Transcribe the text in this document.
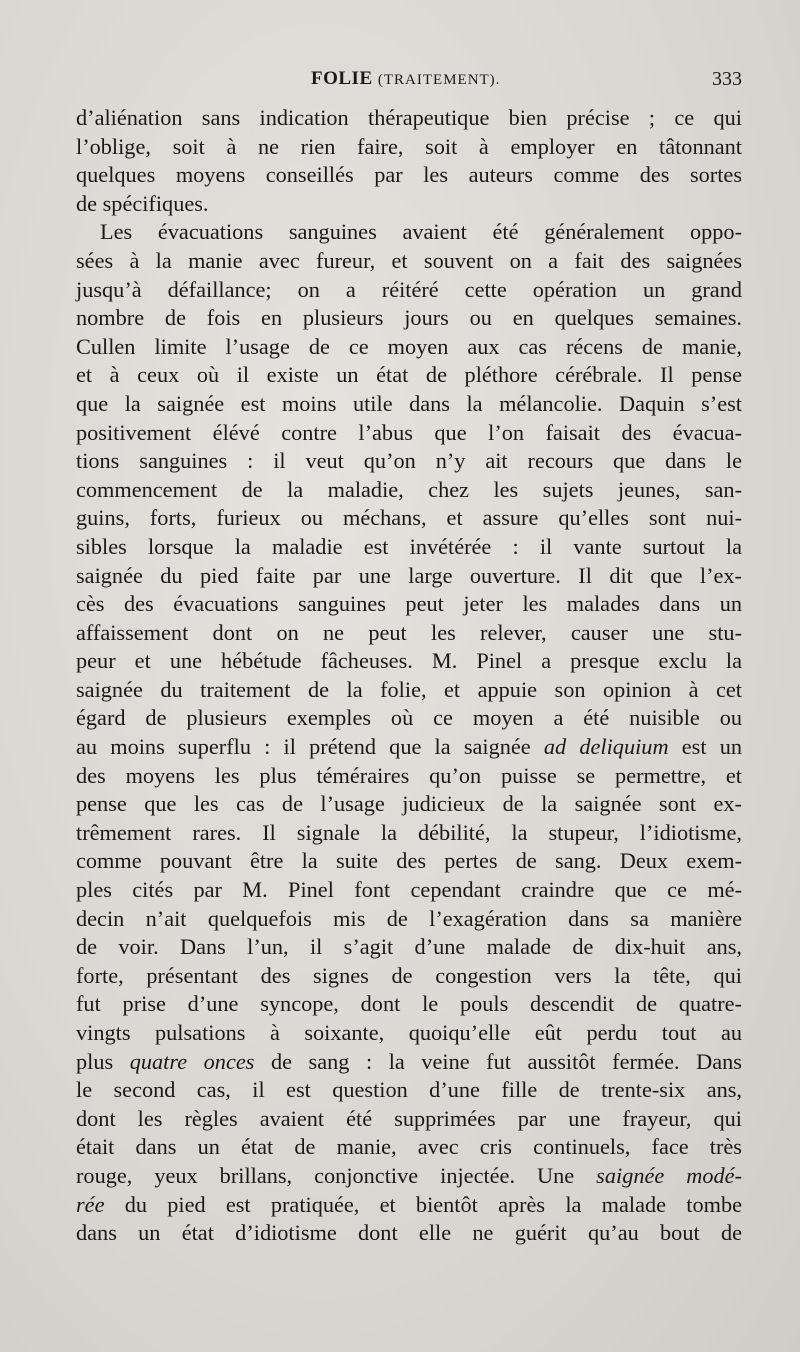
FOLIE (TRAITEMENT).	333
d’aliénation sans indication thérapeutique bien précise ; ce qui
l’oblige, soit à ne rien faire, soit à employer en tâtonnant
quelques moyens conseillés par les auteurs comme des sortes
de spécifiques.
Les évacuations sanguines avaient été généralement oppo-
sées à la manie avec fureur, et souvent on a fait des saignées
jusqu’à défaillance; on a réitéré cette opération un grand
nombre de fois en plusieurs jours ou en quelques semaines.
Cullen limite l’usage de ce moyen aux cas récens de manie,
et à ceux où il existe un état de pléthore cérébrale. Il pense
que la saignée est moins utile dans la mélancolie. Daquin s’est
positivement élévé contre l’abus que l’on faisait des évacua-
tions sanguines : il veut qu’on n’y ait recours que dans le
commencement de la maladie, chez les sujets jeunes, san-
guins, forts, furieux ou méchans, et assure qu’elles sont nui-
sibles lorsque la maladie est invétérée : il vante surtout la
saignée du pied faite par une large ouverture. Il dit que l’ex-
cès des évacuations sanguines peut jeter les malades dans un
affaissement dont on ne peut les relever, causer une stu-
peur et une hébétude fâcheuses. M. Pinel a presque exclu la
saignée du traitement de la folie, et appuie son opinion à cet
égard de plusieurs exemples où ce moyen a été nuisible ou
au moins superflu : il prétend que la saignée ad deliquium est un
des moyens les plus téméraires qu’on puisse se permettre, et
pense que les cas de l’usage judicieux de la saignée sont ex-
trêmement rares. Il signale la débilité, la stupeur, l’idiotisme,
comme pouvant être la suite des pertes de sang. Deux exem-
ples cités par M. Pinel font cependant craindre que ce mé-
decin n’ait quelquefois mis de l’exagération dans sa manière
de voir. Dans l’un, il s’agit d’une malade de dix-huit ans,
forte, présentant des signes de congestion vers la tête, qui
fut prise d’une syncope, dont le pouls descendit de quatre-
vingts pulsations à soixante, quoiqu’elle eût perdu tout au
plus quatre onces de sang : la veine fut aussitôt fermée. Dans
le second cas, il est question d’une fille de trente-six ans,
dont les règles avaient été supprimées par une frayeur, qui
était dans un état de manie, avec cris continuels, face très
rouge, yeux brillans, conjonctive injectée. Une saignée modé-
rée du pied est pratiquée, et bientôt après la malade tombe
dans un état d’idiotisme dont elle ne guérit qu’au bout de
